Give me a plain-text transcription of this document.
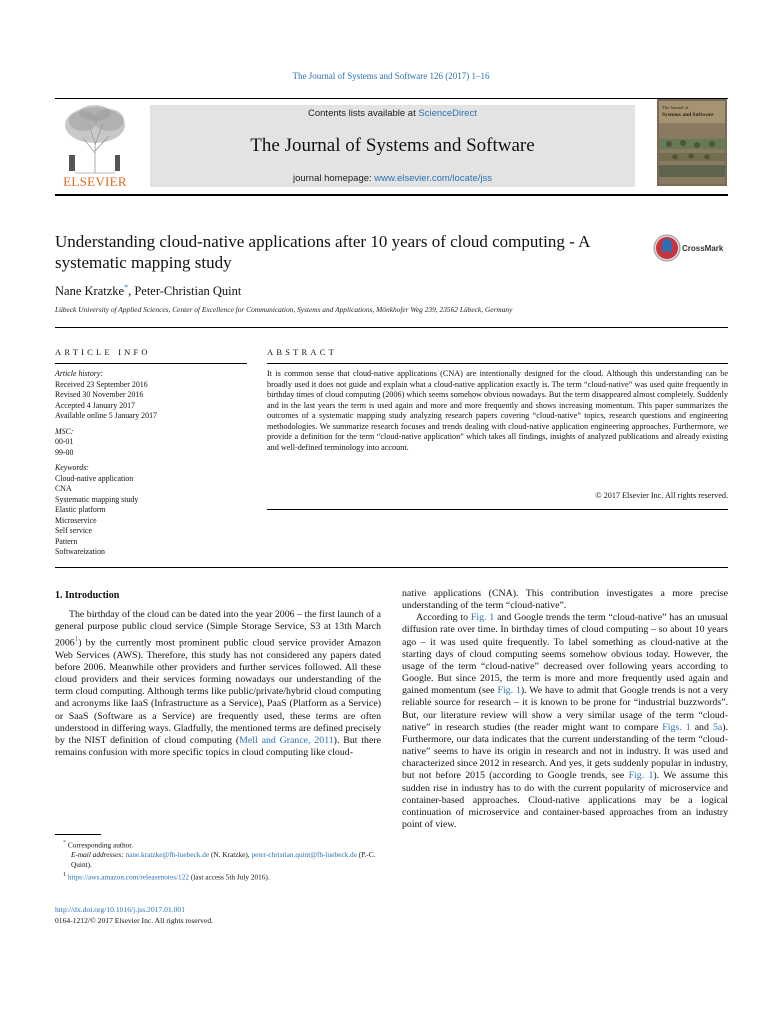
The Journal of Systems and Software 126 (2017) 1–16
ELSEVIER
Contents lists available at ScienceDirect
The Journal of Systems and Software
journal homepage: www.elsevier.com/locate/jss
The Journal of
Systems and Software
Understanding cloud-native applications after 10 years of cloud computing - A systematic mapping study
CrossMark
Nane Kratzke*, Peter-Christian Quint
Lübeck University of Applied Sciences, Center of Excellence for Communication, Systems and Applications, Mönkhofer Weg 239, 23562 Lübeck, Germany
ARTICLE INFO
Article history:
Received 23 September 2016
Revised 30 November 2016
Accepted 4 January 2017
Available online 5 January 2017
MSC:
00-01
99-00
Keywords:
Cloud-native application
CNA
Systematic mapping study
Elastic platform
Microservice
Self service
Pattern
Softwareization
ABSTRACT
It is common sense that cloud-native applications (CNA) are intentionally designed for the cloud. Although this understanding can be broadly used it does not guide and explain what a cloud-native application exactly is. The term “cloud-native” was used quite frequently in birthday times of cloud computing (2006) which seems somehow obvious nowadays. But the term disappeared almost completely. Suddenly and in the last years the term is used again and more and more frequently and shows increasing momentum. This paper summarizes the outcomes of a systematic mapping study analyzing research papers covering “cloud-native” topics, research questions and engineering methodologies. We summarize research focuses and trends dealing with cloud-native application engineering approaches. Furthermore, we provide a definition for the term “cloud-native application” which takes all findings, insights of analyzed publications and already existing and well-defined terminology into account.
© 2017 Elsevier Inc. All rights reserved.
1. Introduction

The birthday of the cloud can be dated into the year 2006 – the first launch of a general purpose public cloud service (Simple Storage Service, S3 at 13th March 2006$^1$) by the currently most prominent public cloud service provider Amazon Web Services (AWS). Therefore, this study has not considered any papers dated before 2006. Meanwhile other providers and further services followed. All these cloud providers and their services forming nowadays our understanding of the term cloud computing. Although terms like public/private/hybrid cloud computing and acronyms like IaaS (Infrastructure as a Service), PaaS (Platform as a Service) or SaaS (Software as a Service) are frequently used, these terms are often understood in differing ways. Gladfully, the mentioned terms are defined precisely by the NIST definition of cloud computing (Mell and Grance, 2011). But there remains confusion with more specific topics in cloud computing like cloud-

native applications (CNA). This contribution investigates a more precise understanding of the term “cloud-native”.

According to Fig. 1 and Google trends the term “cloud-native” has an unusual diffusion rate over time. In birthday times of cloud computing – so about 10 years ago – it was used quite frequently. To label something as cloud-native at the starting days of cloud computing seems somehow obvious today. However, the usage of the term “cloud-native” decreased over following years according to Google. But since 2015, the term is more and more frequently used again and gained momentum (see Fig. 1). We have to admit that Google trends is not a very reliable source for research – it is known to be prone for “industrial buzzwords”. But, our literature review will show a very similar usage of the term “cloud-native” in research studies (the reader might want to compare Figs. 1 and 5a). Furthermore, our data indicates that the current understanding of the term “cloud-native” seems to have its origin in research and not in industry. It was used and characterized since 2012 in research. And yes, it gets suddenly popular in industry, but not before 2015 (according to Google trends, see Fig. 1). We assume this sudden rise in industry has to do with the current popularity of microservice and container-based approaches. Cloud-native applications may be a logical continuation of microservice and container-based approaches from an industry point of view.

* Corresponding author.

E-mail addresses: nane.kratzke@fh-luebeck.de (N. Kratzke), peter-christian.quint@fh-luebeck.de (P.-C. Quint).

$^1$ https://aws.amazon.com/releasenotes/122 (last access 5th July 2016).

http://dx.doi.org/10.1016/j.jss.2017.01.001
0164-1212/© 2017 Elsevier Inc. All rights reserved.
